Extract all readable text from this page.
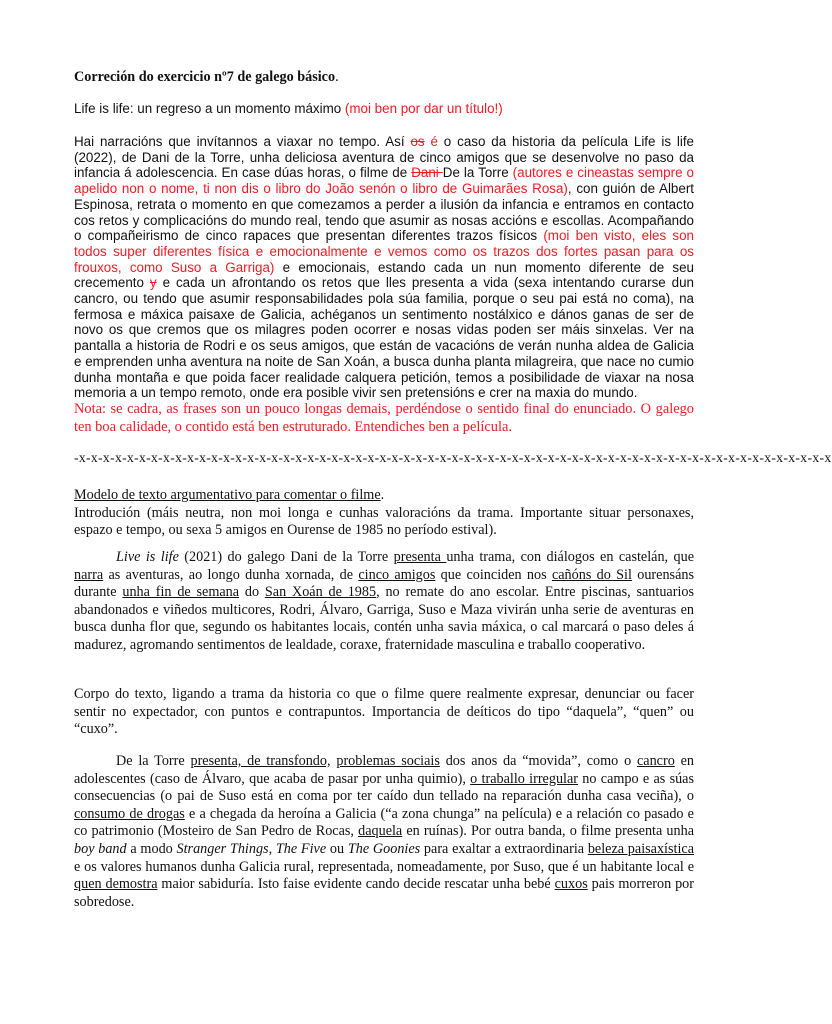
Correción do exercicio nº7 de galego básico.

Life is life: un regreso a un momento máximo (moi ben por dar un título!)

Hai narracións que invítannos a viaxar no tempo. Así os é o caso da historia da película Life is life (2022), de Dani de la Torre, unha deliciosa aventura de cinco amigos que se desenvolve no paso da infancia á adolescencia. En case dúas horas, o filme de Dani De la Torre (autores e cineastas sempre o apelido non o nome, ti non dis o libro do João senón o libro de Guimarães Rosa), con guión de Albert Espinosa, retrata o momento en que comezamos a perder a ilusión da infancia e entramos en contacto cos retos y complicacións do mundo real, tendo que asumir as nosas accións e escollas. Acompañando o compañeirismo de cinco rapaces que presentan diferentes trazos físicos (moi ben visto, eles son todos super diferentes física e emocionalmente e vemos como os trazos dos fortes pasan para os frouxos, como Suso a Garriga) e emocionais, estando cada un nun momento diferente de seu crecemento y e cada un afrontando os retos que lles presenta a vida (sexa intentando curarse dun cancro, ou tendo que asumir responsabilidades pola súa familia, porque o seu pai está no coma), na fermosa e máxica paisaxe de Galicia, achéganos un sentimento nostálxico e dános ganas de ser de novo os que cremos que os milagres poden ocorrer e nosas vidas poden ser máis sinxelas. Ver na pantalla a historia de Rodri e os seus amigos, que están de vacacións de verán nunha aldea de Galicia e emprenden unha aventura na noite de San Xoán, a busca dunha planta milagreira, que nace no cumio dunha montaña e que poida facer realidade calquera petición, temos a posibilidade de viaxar na nosa memoria a un tempo remoto, onde era posible vivir sen pretensións e crer na maxia do mundo.

Nota: se cadra, as frases son un pouco longas demais, perdéndose o sentido final do enunciado. O galego ten boa calidade, o contido está ben estruturado. Entendiches ben a película.

-x-x-x-x-x-x-x-x-x-x-x-x-x-x-x-x-x-x-x-x-x-x-x-x-x-x-x-x-x-x-x-x-x-x-x-x-x-x-x-x-x-x-x-x-x-x-x-x-x-x-x-x-x-x-x-x-x-x-x-x-x-x-x
Modelo de texto argumentativo para comentar o filme.
Introdución (máis neutra, non moi longa e cunhas valoracións da trama. Importante situar personaxes, espazo e tempo, ou sexa 5 amigos en Ourense de 1985 no período estival).

Live is life (2021) do galego Dani de la Torre presenta unha trama, con diálogos en castelán, que narra as aventuras, ao longo dunha xornada, de cinco amigos que coinciden nos cañóns do Sil ourensáns durante unha fin de semana do San Xoán de 1985, no remate do ano escolar. Entre piscinas, santuarios abandonados e viñedos multicores, Rodri, Álvaro, Garriga, Suso e Maza vivirán unha serie de aventuras en busca dunha flor que, segundo os habitantes locais, contén unha savia máxica, o cal marcará o paso deles á madurez, agromando sentimentos de lealdade, coraxe, fraternidade masculina e traballo cooperativo.

Corpo do texto, ligando a trama da historia co que o filme quere realmente expresar, denunciar ou facer sentir no expectador, con puntos e contrapuntos. Importancia de deíticos do tipo “daquela”, “quen” ou “cuxo”.

De la Torre presenta, de transfondo, problemas sociais dos anos da “movida”, como o cancro en adolescentes (caso de Álvaro, que acaba de pasar por unha quimio), o traballo irregular no campo e as súas consecuencias (o pai de Suso está en coma por ter caído dun tellado na reparación dunha casa veciña), o consumo de drogas e a chegada da heroína a Galicia (“a zona chunga” na película) e a relación co pasado e co patrimonio (Mosteiro de San Pedro de Rocas, daquela en ruínas). Por outra banda, o filme presenta unha boy band a modo Stranger Things, The Five ou The Goonies para exaltar a extraordinaria beleza paisaxística e os valores humanos dunha Galicia rural, representada, nomeadamente, por Suso, que é un habitante local e quen demostra maior sabiduría. Isto faise evidente cando decide rescatar unha bebé cuxos pais morreron por sobredose.
